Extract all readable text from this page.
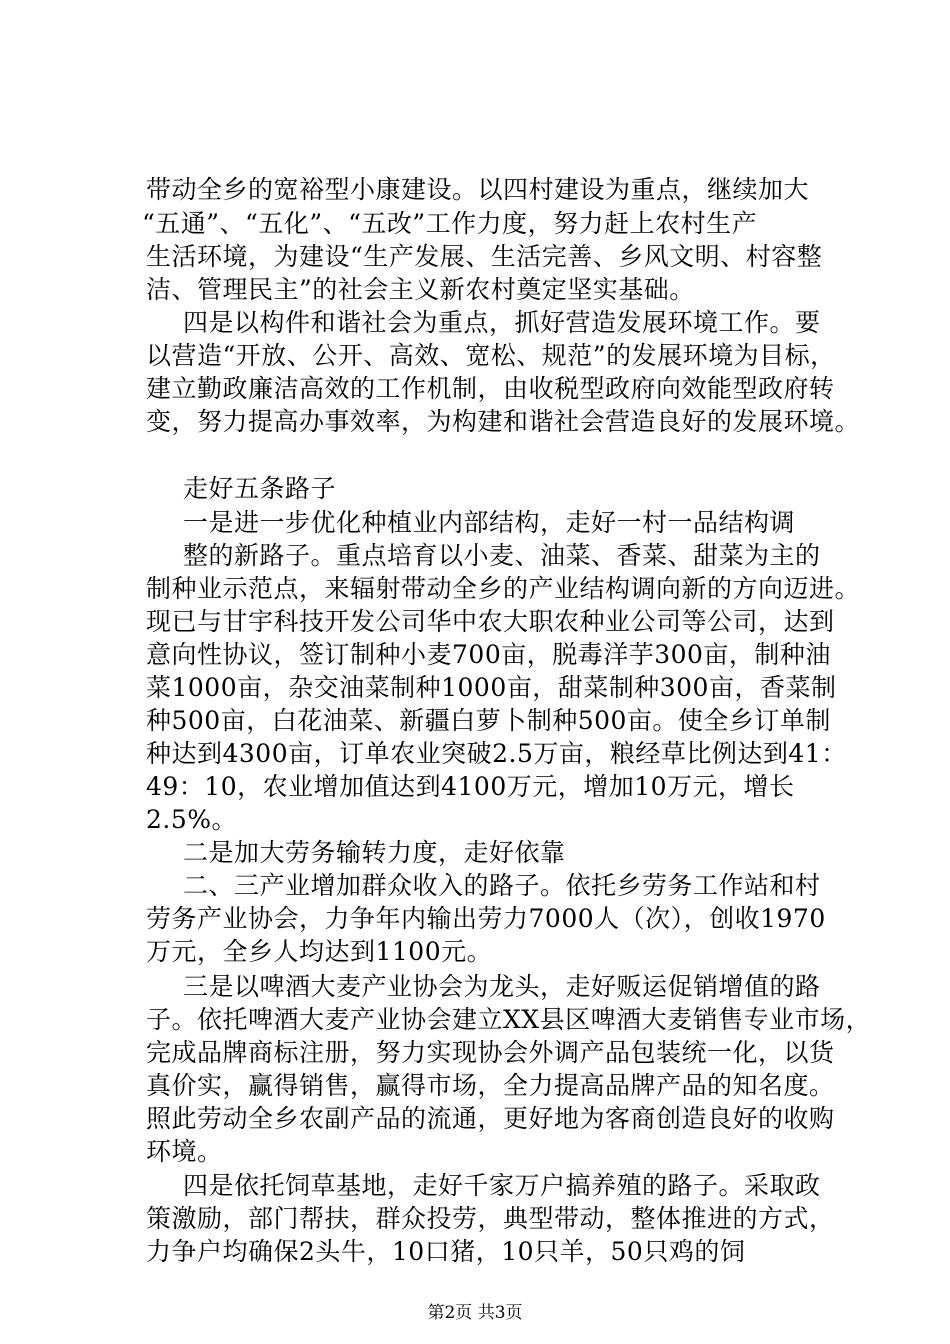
带动全乡的宽裕型小康建设。以四村建设为重点，继续加大
“五通”、“五化”、“五改”工作力度，努力赶上农村生产
生活环境，为建设“生产发展、生活完善、乡风文明、村容整
洁、管理民主”的社会主义新农村奠定坚实基础。
四是以构件和谐社会为重点，抓好营造发展环境工作。要
以营造“开放、公开、高效、宽松、规范”的发展环境为目标，
建立勤政廉洁高效的工作机制，由收税型政府向效能型政府转
变，努力提高办事效率，为构建和谐社会营造良好的发展环境。
走好五条路子
一是进一步优化种植业内部结构，走好一村一品结构调
整的新路子。重点培育以小麦、油菜、香菜、甜菜为主的
制种业示范点，来辐射带动全乡的产业结构调向新的方向迈进。
现已与甘宇科技开发公司华中农大职农种业公司等公司，达到
意向性协议，签订制种小麦700亩，脱毒洋芋300亩，制种油
菜1000亩，杂交油菜制种1000亩，甜菜制种300亩，香菜制
种500亩，白花油菜、新疆白萝卜制种500亩。使全乡订单制
种达到4300亩，订单农业突破2.5万亩，粮经草比例达到41：
49：10，农业增加值达到4100万元，增加10万元，增长
2.5%。
二是加大劳务输转力度，走好依靠
二、三产业增加群众收入的路子。依托乡劳务工作站和村
劳务产业协会，力争年内输出劳力7000人（次），创收1970
万元，全乡人均达到1100元。
三是以啤酒大麦产业协会为龙头，走好贩运促销增值的路
子。依托啤酒大麦产业协会建立XX县区啤酒大麦销售专业市场，
完成品牌商标注册，努力实现协会外调产品包装统一化，以货
真价实，赢得销售，赢得市场，全力提高品牌产品的知名度。
照此劳动全乡农副产品的流通，更好地为客商创造良好的收购
环境。
四是依托饲草基地，走好千家万户搞养殖的路子。采取政
策激励，部门帮扶，群众投劳，典型带动，整体推进的方式，
力争户均确保2头牛，10口猪，10只羊，50只鸡的饲
第2页 共3页
